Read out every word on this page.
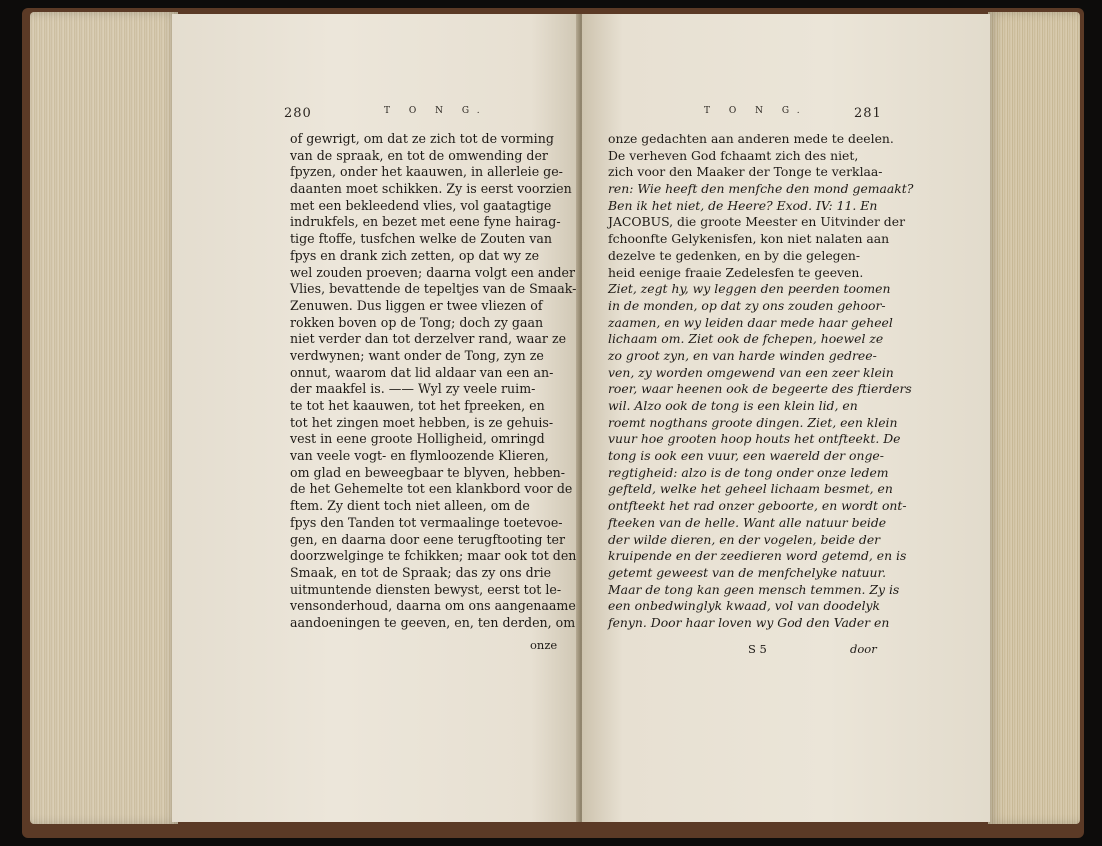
280	T O N G.
of gewrigt, om dat ze zich tot de vorming
van de spraak, en tot de omwending der
fpyzen, onder het kaauwen, in allerleie ge-
daanten moet schikken. Zy is eerst voorzien
met een bekleedend vlies, vol gaatagtige
indrukfels, en bezet met eene fyne hairag-
tige ftoffe, tusfchen welke de Zouten van
fpys en drank zich zetten, op dat wy ze
wel zouden proeven; daarna volgt een ander
Vlies, bevattende de tepeltjes van de Smaak-
Zenuwen. Dus liggen er twee vliezen of
rokken boven op de Tong; doch zy gaan
niet verder dan tot derzelver rand, waar ze
verdwynen; want onder de Tong, zyn ze
onnut, waarom dat lid aldaar van een an-
der maakfel is. —— Wyl zy veele ruim-
te tot het kaauwen, tot het fpreeken, en
tot het zingen moet hebben, is ze gehuis-
vest in eene groote Holligheid, omringd
van veele vogt- en flymloozende Klieren,
om glad en beweegbaar te blyven, hebben-
de het Gehemelte tot een klankbord voor de
ftem. Zy dient toch niet alleen, om de
fpys den Tanden tot vermaalinge toetevoe-
gen, en daarna door eene terugftooting ter
doorzwelginge te fchikken; maar ook tot den
Smaak, en tot de Spraak; das zy ons drie
uitmuntende diensten bewyst, eerst tot le-
vensonderhoud, daarna om ons aangenaame
aandoeningen te geeven, en, ten derden, om
onze
T O N G.	281
onze gedachten aan anderen mede te deelen.
De verheven God fchaamt zich des niet,
zich voor den Maaker der Tonge te verklaa-
ren: Wie heeft den menfche den mond gemaakt?
Ben ik het niet, de Heere? Exod. IV: 11. En
JACOBUS, die groote Meester en Uitvinder der
fchoonfte Gelykenisfen, kon niet nalaten aan
dezelve te gedenken, en by die gelegen-
heid eenige fraaie Zedelesfen te geeven.
Ziet, zegt hy, wy leggen den peerden toomen
in de monden, op dat zy ons zouden gehoor-
zaamen, en wy leiden daar mede haar geheel
lichaam om. Ziet ook de fchepen, hoewel ze
zo groot zyn, en van harde winden gedree-
ven, zy worden omgewend van een zeer klein
roer, waar heenen ook de begeerte des ftierders
wil. Alzo ook de tong is een klein lid, en
roemt nogthans groote dingen. Ziet, een klein
vuur hoe grooten hoop houts het ontfteekt. De
tong is ook een vuur, een waereld der onge-
regtigheid: alzo is de tong onder onze ledem
gefteld, welke het geheel lichaam besmet, en
ontfteekt het rad onzer geboorte, en wordt ont-
fteeken van de helle. Want alle natuur beide
der wilde dieren, en der vogelen, beide der
kruipende en der zeedieren word getemd, en is
getemt geweest van de menfchelyke natuur.
Maar de tong kan geen mensch temmen. Zy is
een onbedwinglyk kwaad, vol van doodelyk
fenyn. Door haar loven wy God den Vader en
S 5	door
